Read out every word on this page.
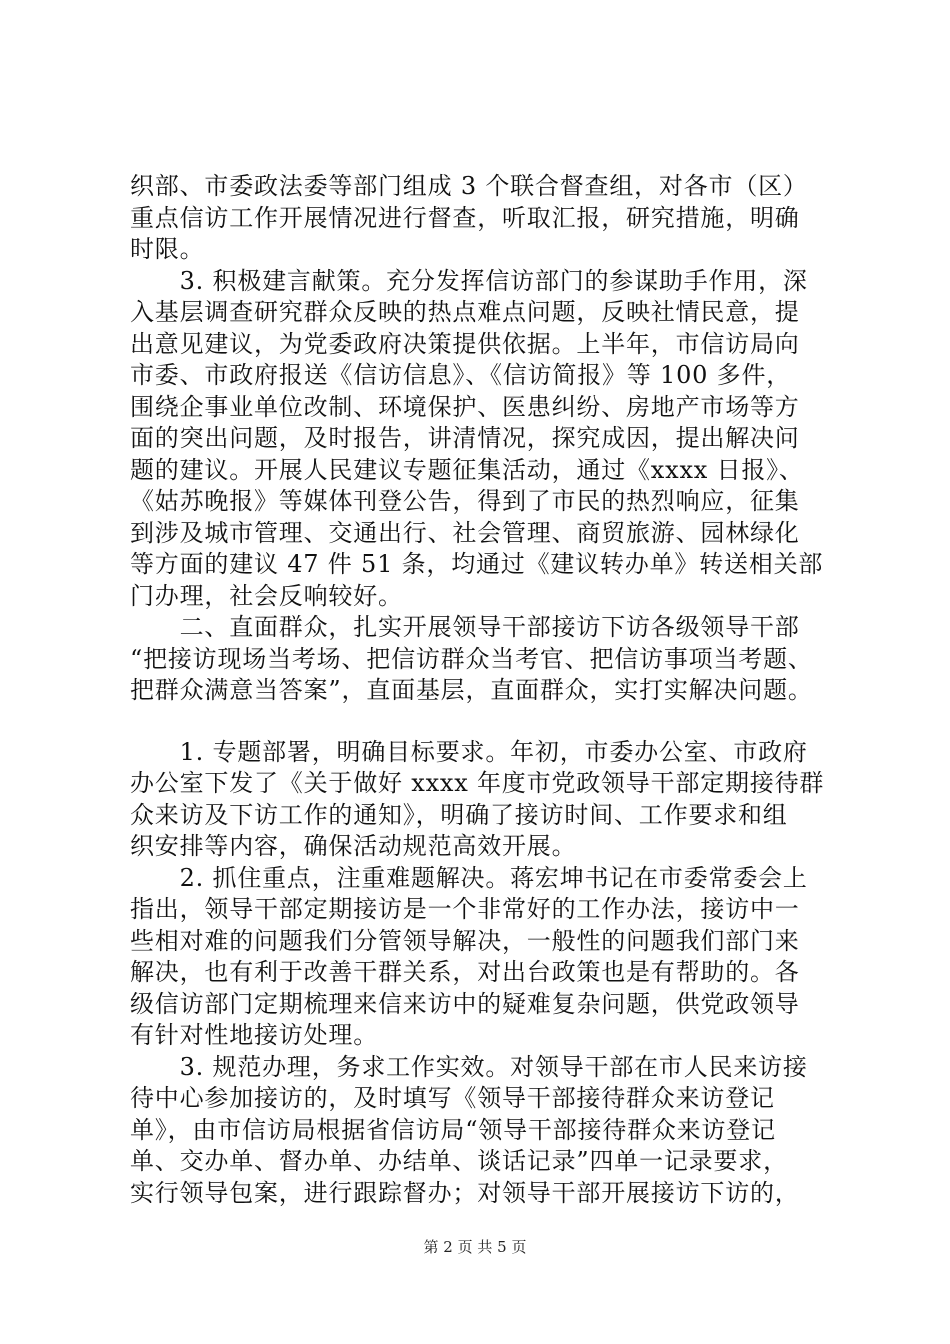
织部、市委政法委等部门组成 3 个联合督查组，对各市（区）
重点信访工作开展情况进行督查，听取汇报，研究措施，明确
时限。
　　3. 积极建言献策。充分发挥信访部门的参谋助手作用，深
入基层调查研究群众反映的热点难点问题，反映社情民意，提
出意见建议，为党委政府决策提供依据。上半年，市信访局向
市委、市政府报送《信访信息》、《信访简报》等 100 多件，
围绕企事业单位改制、环境保护、医患纠纷、房地产市场等方
面的突出问题，及时报告，讲清情况，探究成因，提出解决问
题的建议。开展人民建议专题征集活动，通过《xxxx 日报》、
《姑苏晚报》等媒体刊登公告，得到了市民的热烈响应，征集
到涉及城市管理、交通出行、社会管理、商贸旅游、园林绿化
等方面的建议 47 件 51 条，均通过《建议转办单》转送相关部
门办理，社会反响较好。
　　二、直面群众，扎实开展领导干部接访下访各级领导干部
“把接访现场当考场、把信访群众当考官、把信访事项当考题、
把群众满意当答案”，直面基层，直面群众，实打实解决问题。
　　1. 专题部署，明确目标要求。年初，市委办公室、市政府
办公室下发了《关于做好 xxxx 年度市党政领导干部定期接待群
众来访及下访工作的通知》，明确了接访时间、工作要求和组
织安排等内容，确保活动规范高效开展。
　　2. 抓住重点，注重难题解决。蒋宏坤书记在市委常委会上
指出，领导干部定期接访是一个非常好的工作办法，接访中一
些相对难的问题我们分管领导解决，一般性的问题我们部门来
解决，也有利于改善干群关系，对出台政策也是有帮助的。各
级信访部门定期梳理来信来访中的疑难复杂问题，供党政领导
有针对性地接访处理。
　　3. 规范办理，务求工作实效。对领导干部在市人民来访接
待中心参加接访的，及时填写《领导干部接待群众来访登记
单》，由市信访局根据省信访局“领导干部接待群众来访登记
单、交办单、督办单、办结单、谈话记录”四单一记录要求，
实行领导包案，进行跟踪督办；对领导干部开展接访下访的，
第 2 页 共 5 页
